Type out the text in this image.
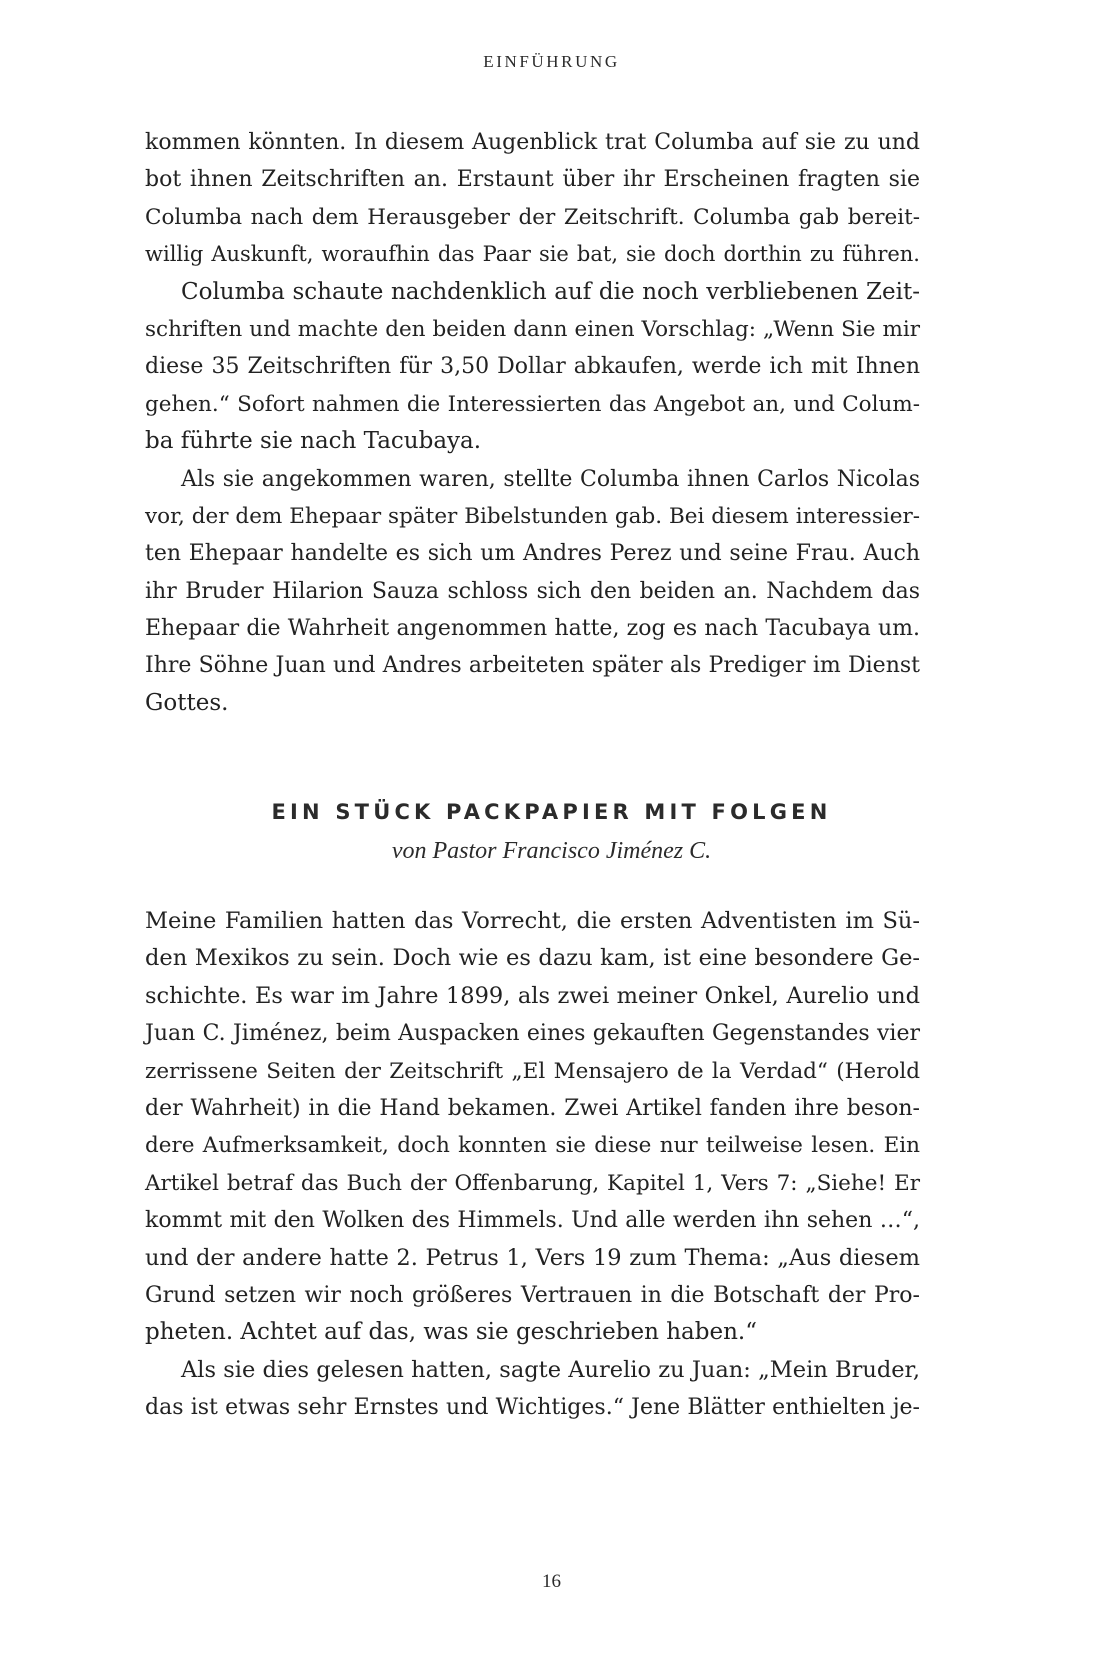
EINFÜHRUNG
kommen könnten. In diesem Augenblick trat Columba auf sie zu und
bot ihnen Zeitschriften an. Erstaunt über ihr Erscheinen fragten sie
Columba nach dem Herausgeber der Zeitschrift. Columba gab bereit-
willig Auskunft, woraufhin das Paar sie bat, sie doch dorthin zu führen.
Columba schaute nachdenklich auf die noch verbliebenen Zeit-
schriften und machte den beiden dann einen Vorschlag: „Wenn Sie mir
diese 35 Zeitschriften für 3,50 Dollar abkaufen, werde ich mit Ihnen
gehen.“ Sofort nahmen die Interessierten das Angebot an, und Colum-
ba führte sie nach Tacubaya.
Als sie angekommen waren, stellte Columba ihnen Carlos Nicolas
vor, der dem Ehepaar später Bibelstunden gab. Bei diesem interessier-
ten Ehepaar handelte es sich um Andres Perez und seine Frau. Auch
ihr Bruder Hilarion Sauza schloss sich den beiden an. Nachdem das
Ehepaar die Wahrheit angenommen hatte, zog es nach Tacubaya um.
Ihre Söhne Juan und Andres arbeiteten später als Prediger im Dienst
Gottes.
EIN STÜCK PACKPAPIER MIT FOLGEN
von Pastor Francisco Jiménez C.
Meine Familien hatten das Vorrecht, die ersten Adventisten im Sü-
den Mexikos zu sein. Doch wie es dazu kam, ist eine besondere Ge-
schichte. Es war im Jahre 1899, als zwei meiner Onkel, Aurelio und
Juan C. Jiménez, beim Auspacken eines gekauften Gegenstandes vier
zerrissene Seiten der Zeitschrift „El Mensajero de la Verdad“ (Herold
der Wahrheit) in die Hand bekamen. Zwei Artikel fanden ihre beson-
dere Aufmerksamkeit, doch konnten sie diese nur teilweise lesen. Ein
Artikel betraf das Buch der Offenbarung, Kapitel 1, Vers 7: „Siehe! Er
kommt mit den Wolken des Himmels. Und alle werden ihn sehen …“,
und der andere hatte 2. Petrus 1, Vers 19 zum Thema: „Aus diesem
Grund setzen wir noch größeres Vertrauen in die Botschaft der Pro-
pheten. Achtet auf das, was sie geschrieben haben.“
Als sie dies gelesen hatten, sagte Aurelio zu Juan: „Mein Bruder,
das ist etwas sehr Ernstes und Wichtiges.“ Jene Blätter enthielten je-
16
